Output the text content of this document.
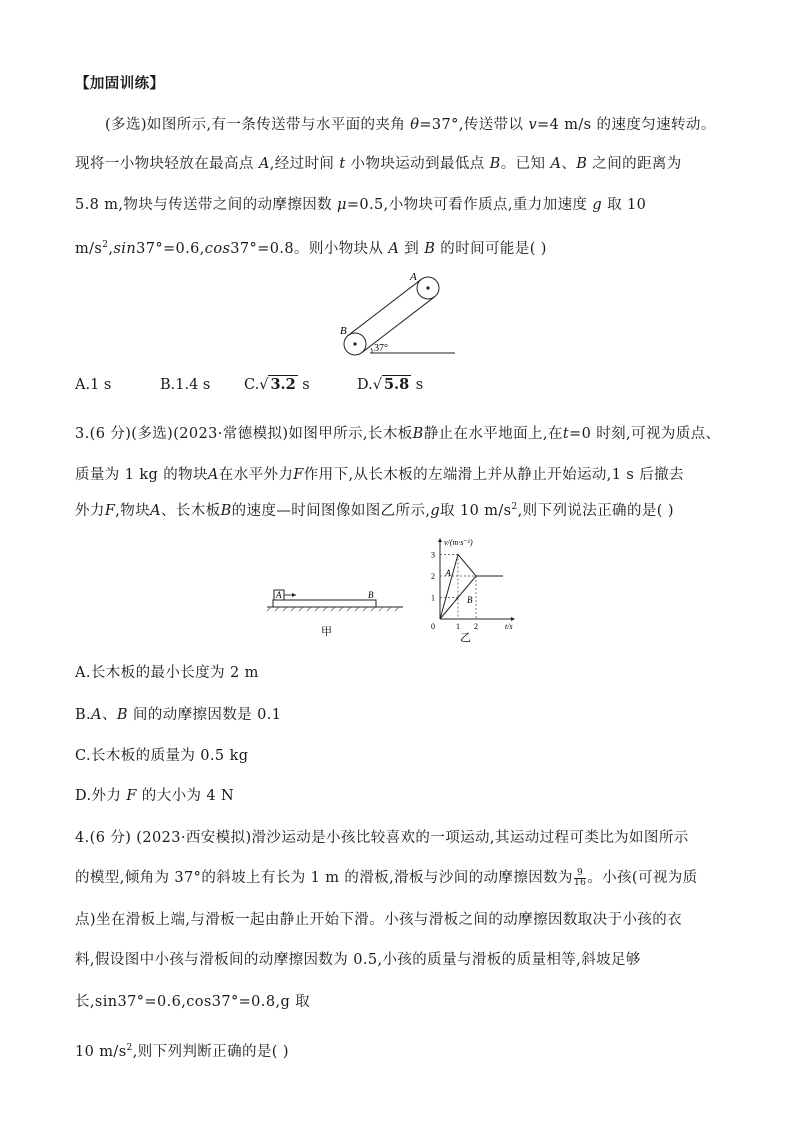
【加固训练】
(多选)如图所示,有一条传送带与水平面的夹角 θ=37°,传送带以 v=4 m/s 的速度匀速转动。
现将一小物块轻放在最高点 A,经过时间 t 小物块运动到最低点 B。已知 A、B 之间的距离为
5.8 m,物块与传送带之间的动摩擦因数 μ=0.5,小物块可看作质点,重力加速度 g 取 10
$m/s^2,\sin 37^\circ=0.6,\cos 37^\circ=0.8$。则小物块从 A 到 B 的时间可能是( )
37°
A
B
A.1 s	B.1.4 s C.√ 3.2 s	D.√ 5.8 s
3.(6 分)(多选)(2023·常德模拟)如图甲所示,长木板B静止在水平地面上,在t=0 时刻,可视为质点、
质量为 1 kg 的物块A在水平外力F作用下,从长木板的左端滑上并从静止开始运动,1 s 后撤去
外力F,物块A、长木板B的速度—时间图像如图乙所示,g取 10 $m/s^2$,则下列说法正确的是( )
A	B
甲
1
2
3
0	1 2
A
B
v/(m·s⁻¹)
t/s
乙
A.长木板的最小长度为 2 m
B.A、B 间的动摩擦因数是 0.1
C.长木板的质量为 0.5 kg
D.外力 F 的大小为 4 N
4.(6 分) (2023·西安模拟)滑沙运动是小孩比较喜欢的一项运动,其运动过程可类比为如图所示
的模型,倾角为 37°的斜坡上有长为 1 m 的滑板,滑板与沙间的动摩擦因数为 $\frac{9}{16}$ 。小孩(可视为质
点)坐在滑板上端,与滑板一起由静止开始下滑。小孩与滑板之间的动摩擦因数取决于小孩的衣
料,假设图中小孩与滑板间的动摩擦因数为 0.5,小孩的质量与滑板的质量相等,斜坡足够
长,sin37°=0.6,cos37°=0.8,g 取
10 $m/s^2$,则下列判断正确的是( )
